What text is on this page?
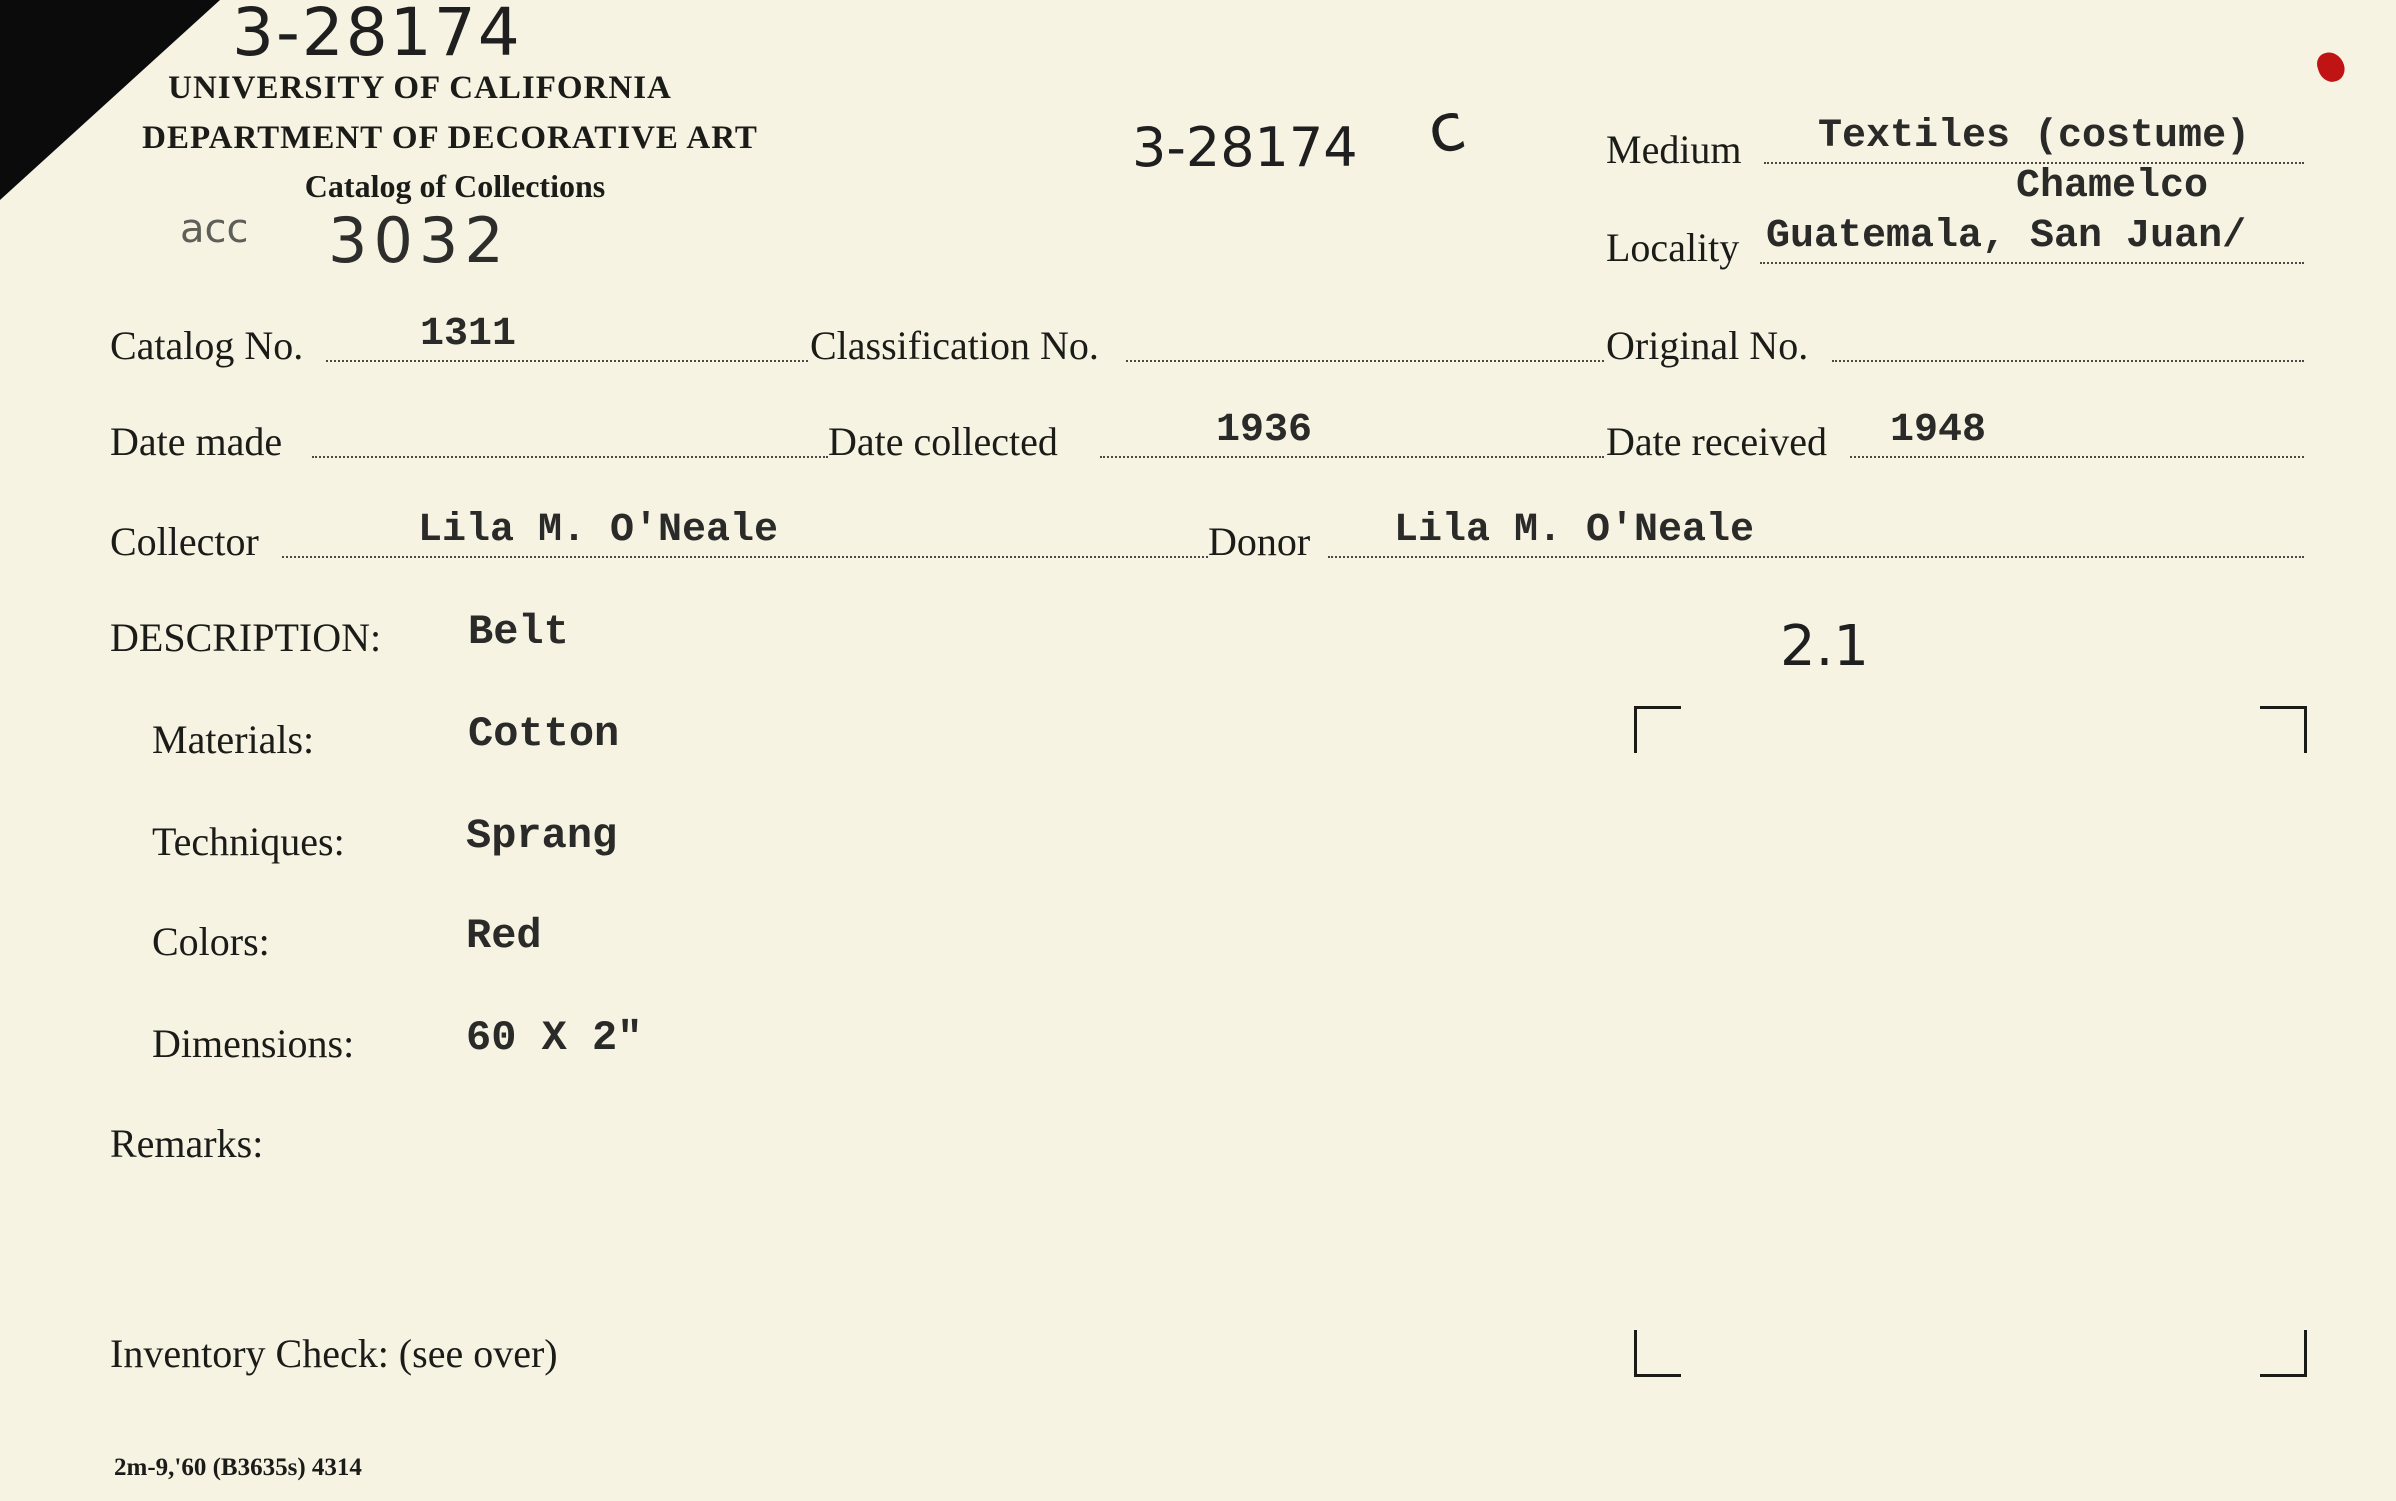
3-28174
UNIVERSITY OF CALIFORNIA
DEPARTMENT OF DECORATIVE ART
Catalog of Collections
acc 3032
3-28174 c	Medium Textiles (costume)
Chamelco
Locality Guatemala, San Juan/
Catalog No.	1311	Classification No.	Original No.
Date made	Date collected	1936	Date received 1948
Collector	Lila M. O'Neale	Donor Lila M. O'Neale
DESCRIPTION: Belt	2.1
Materials:	Cotton
Techniques:	Sprang
Colors:	Red
Dimensions:	60 X 2"
Remarks:
Inventory Check: (see over)
2m-9,'60 (B3635s) 4314
